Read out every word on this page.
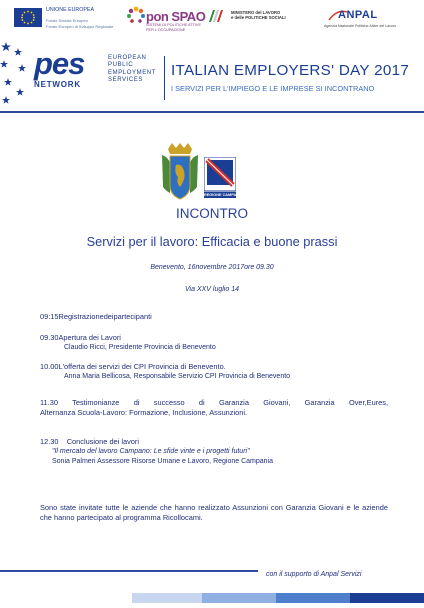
UNIONE EUROPEA
Fondo Sociale Europeo
Fondo Europeo di Sviluppo Regionale
pon SPAO
SISTEMI DI POLITICHE ATTIVE
PER L'OCCUPAZIONE
MINISTERO del LAVORO
e delle POLITICHE SOCIALI	ANPAL
Agenzia Nazionale Politiche Attive del Lavoro
pes
NETWORK
EUROPEAN
PUBLIC
EMPLOYMENT
SERVICES
ITALIAN EMPLOYERS' DAY 2017
I SERVIZI PER L'IMPIEGO E LE IMPRESE SI INCONTRANO
REGIONE CAMPANIA
INCONTRO
Servizi per il lavoro: Efficacia e buone prassi
Benevento, 16novembre 2017ore 09.30
Via XXV luglio 14
09:15Registrazionedeipartecipanti
09.30Apertura dei Lavori
Claudio Ricci, Presidente Provincia di Benevento
10.00L'offerta dei servizi dei CPI Provincia di Benevento.
Anna Maria Bellicosa, Responsabile Servizio CPI Provincia di Benevento
11.30 Testimonianze di successo di Garanzia Giovani, Garanzia Over,Eures,
Alternanza Scuola-Lavoro: Formazione, Inclusione, Assunzioni.
12.30 Conclusione dei lavori
"Il mercato del lavoro Campano: Le sfide vinte e i progetti futuri"
Sonia Palmeri Assessore Risorse Umane e Lavoro, Regione Campania
Sono state invitate tutte le aziende che hanno realizzato Assunzioni con Garanzia Giovani e le aziende che hanno partecipato al programma Ricollocami.
con il supporto di Anpal Servizi
